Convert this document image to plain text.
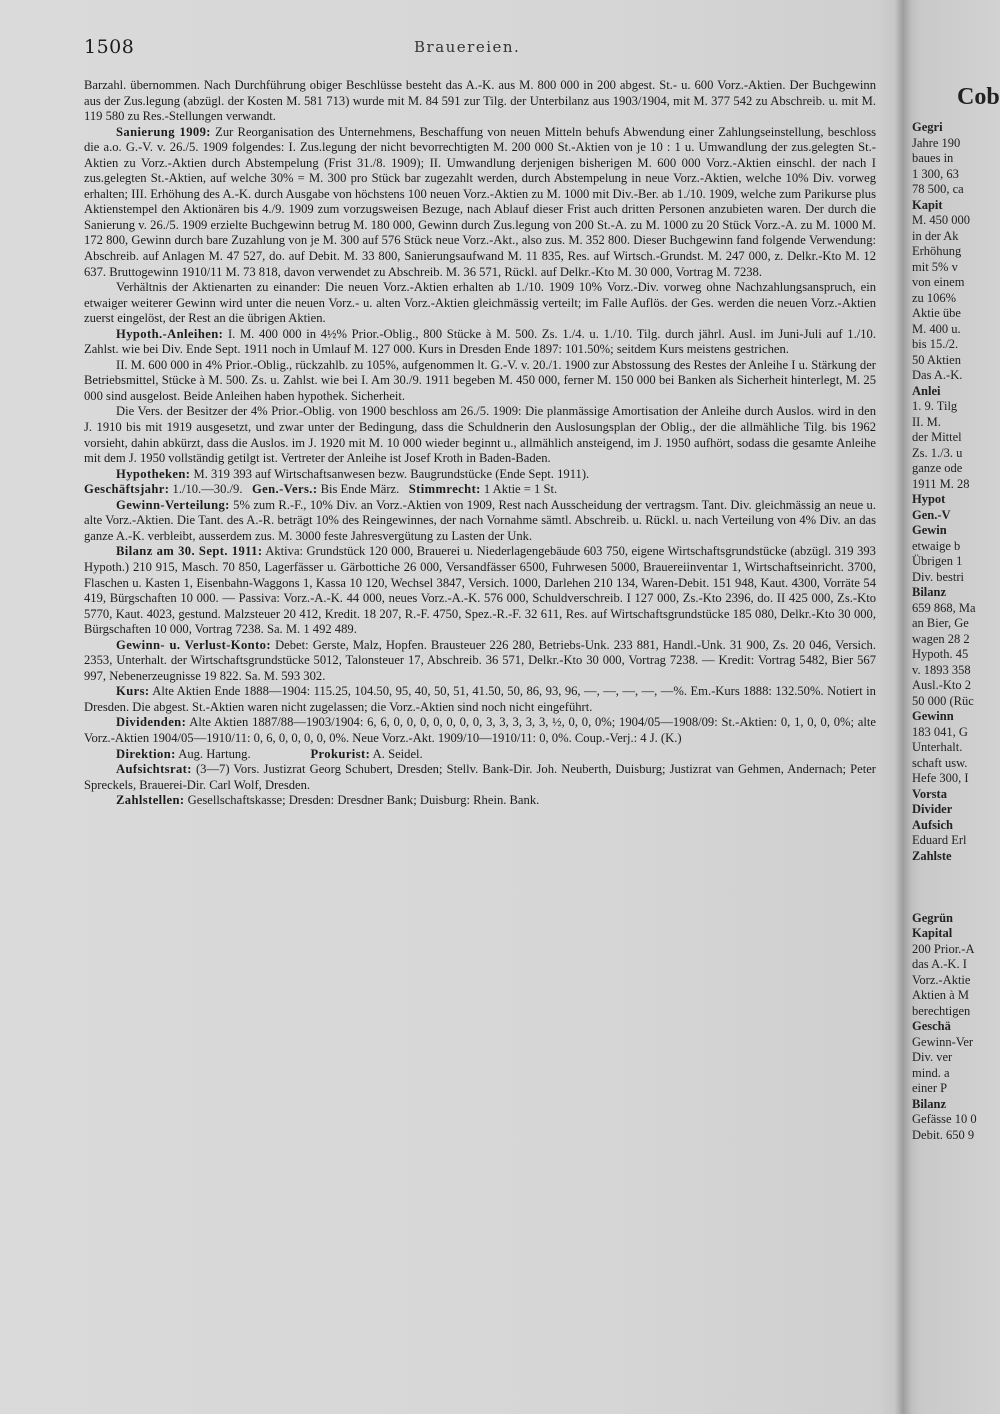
1508	Brauereien.

Barzahl. übernommen. Nach Durchführung obiger Beschlüsse besteht das A.-K. aus M. 800 000 in 200 abgest. St.- u. 600 Vorz.-Aktien. Der Buchgewinn aus der Zus.legung (abzügl. der Kosten M. 581 713) wurde mit M. 84 591 zur Tilg. der Unterbilanz aus 1903/1904, mit M. 377 542 zu Abschreib. u. mit M. 119 580 zu Res.-Stellungen verwandt.

Sanierung 1909: Zur Reorganisation des Unternehmens, Beschaffung von neuen Mitteln behufs Abwendung einer Zahlungseinstellung, beschloss die a.o. G.-V. v. 26./5. 1909 folgendes: I. Zus.legung der nicht bevorrechtigten M. 200 000 St.-Aktien von je 10 : 1 u. Umwandlung der zus.gelegten St.-Aktien zu Vorz.-Aktien durch Abstempelung (Frist 31./8. 1909); II. Umwandlung derjenigen bisherigen M. 600 000 Vorz.-Aktien einschl. der nach I zus.gelegten St.-Aktien, auf welche 30% = M. 300 pro Stück bar zugezahlt werden, durch Abstempelung in neue Vorz.-Aktien, welche 10% Div. vorweg erhalten; III. Erhöhung des A.-K. durch Ausgabe von höchstens 100 neuen Vorz.-Aktien zu M. 1000 mit Div.-Ber. ab 1./10. 1909, welche zum Parikurse plus Aktienstempel den Aktionären bis 4./9. 1909 zum vorzugsweisen Bezuge, nach Ablauf dieser Frist auch dritten Personen anzubieten waren. Der durch die Sanierung v. 26./5. 1909 erzielte Buchgewinn betrug M. 180 000, Gewinn durch Zus.legung von 200 St.-A. zu M. 1000 zu 20 Stück Vorz.-A. zu M. 1000 M. 172 800, Gewinn durch bare Zuzahlung von je M. 300 auf 576 Stück neue Vorz.-Akt., also zus. M. 352 800. Dieser Buchgewinn fand folgende Verwendung: Abschreib. auf Anlagen M. 47 527, do. auf Debit. M. 33 800, Sanierungsaufwand M. 11 835, Res. auf Wirtsch.-Grundst. M. 247 000, z. Delkr.-Kto M. 12 637. Bruttogewinn 1910/11 M. 73 818, davon verwendet zu Abschreib. M. 36 571, Rückl. auf Delkr.-Kto M. 30 000, Vortrag M. 7238.

Verhältnis der Aktienarten zu einander: Die neuen Vorz.-Aktien erhalten ab 1./10. 1909 10% Vorz.-Div. vorweg ohne Nachzahlungsanspruch, ein etwaiger weiterer Gewinn wird unter die neuen Vorz.- u. alten Vorz.-Aktien gleichmässig verteilt; im Falle Auflös. der Ges. werden die neuen Vorz.-Aktien zuerst eingelöst, der Rest an die übrigen Aktien.

Hypoth.-Anleihen: I. M. 400 000 in 4½% Prior.-Oblig., 800 Stücke à M. 500. Zs. 1./4. u. 1./10. Tilg. durch jährl. Ausl. im Juni-Juli auf 1./10. Zahlst. wie bei Div. Ende Sept. 1911 noch in Umlauf M. 127 000. Kurs in Dresden Ende 1897: 101.50%; seitdem Kurs meistens gestrichen.

II. M. 600 000 in 4% Prior.-Oblig., rückzahlb. zu 105%, aufgenommen lt. G.-V. v. 20./1. 1900 zur Abstossung des Restes der Anleihe I u. Stärkung der Betriebsmittel, Stücke à M. 500. Zs. u. Zahlst. wie bei I. Am 30./9. 1911 begeben M. 450 000, ferner M. 150 000 bei Banken als Sicherheit hinterlegt, M. 25 000 sind ausgelost. Beide Anleihen haben hypothek. Sicherheit.

Die Vers. der Besitzer der 4% Prior.-Oblig. von 1900 beschloss am 26./5. 1909: Die planmässige Amortisation der Anleihe durch Auslos. wird in den J. 1910 bis mit 1919 ausgesetzt, und zwar unter der Bedingung, dass die Schuldnerin den Auslosungsplan der Oblig., der die allmähliche Tilg. bis 1962 vorsieht, dahin abkürzt, dass die Auslos. im J. 1920 mit M. 10 000 wieder beginnt u., allmählich ansteigend, im J. 1950 aufhört, sodass die gesamte Anleihe mit dem J. 1950 vollständig getilgt ist. Vertreter der Anleihe ist Josef Kroth in Baden-Baden.

Hypotheken: M. 319 393 auf Wirtschaftsanwesen bezw. Baugrundstücke (Ende Sept. 1911).

Geschäftsjahr: 1./10.—30./9. Gen.-Vers.: Bis Ende März. Stimmrecht: 1 Aktie = 1 St.

Gewinn-Verteilung: 5% zum R.-F., 10% Div. an Vorz.-Aktien von 1909, Rest nach Ausscheidung der vertragsm. Tant. Div. gleichmässig an neue u. alte Vorz.-Aktien. Die Tant. des A.-R. beträgt 10% des Reingewinnes, der nach Vornahme sämtl. Abschreib. u. Rückl. u. nach Verteilung von 4% Div. an das ganze A.-K. verbleibt, ausserdem zus. M. 3000 feste Jahresvergütung zu Lasten der Unk.

Bilanz am 30. Sept. 1911: Aktiva: Grundstück 120 000, Brauerei u. Niederlagengebäude 603 750, eigene Wirtschaftsgrundstücke (abzügl. 319 393 Hypoth.) 210 915, Masch. 70 850, Lagerfässer u. Gärbottiche 26 000, Versandfässer 6500, Fuhrwesen 5000, Brauereiinventar 1, Wirtschaftseinricht. 3700, Flaschen u. Kasten 1, Eisenbahn-Waggons 1, Kassa 10 120, Wechsel 3847, Versich. 1000, Darlehen 210 134, Waren-Debit. 151 948, Kaut. 4300, Vorräte 54 419, Bürgschaften 10 000. — Passiva: Vorz.-A.-K. 44 000, neues Vorz.-A.-K. 576 000, Schuldverschreib. I 127 000, Zs.-Kto 2396, do. II 425 000, Zs.-Kto 5770, Kaut. 4023, gestund. Malzsteuer 20 412, Kredit. 18 207, R.-F. 4750, Spez.-R.-F. 32 611, Res. auf Wirtschaftsgrundstücke 185 080, Delkr.-Kto 30 000, Bürgschaften 10 000, Vortrag 7238. Sa. M. 1 492 489.

Gewinn- u. Verlust-Konto: Debet: Gerste, Malz, Hopfen. Brausteuer 226 280, Betriebs-Unk. 233 881, Handl.-Unk. 31 900, Zs. 20 046, Versich. 2353, Unterhalt. der Wirtschaftsgrundstücke 5012, Talonsteuer 17, Abschreib. 36 571, Delkr.-Kto 30 000, Vortrag 7238. — Kredit: Vortrag 5482, Bier 567 997, Nebenerzeugnisse 19 822. Sa. M. 593 302.

Kurs: Alte Aktien Ende 1888—1904: 115.25, 104.50, 95, 40, 50, 51, 41.50, 50, 86, 93, 96, —, —, —, —, —%. Em.-Kurs 1888: 132.50%. Notiert in Dresden. Die abgest. St.-Aktien waren nicht zugelassen; die Vorz.-Aktien sind noch nicht eingeführt.

Dividenden: Alte Aktien 1887/88—1903/1904: 6, 6, 0, 0, 0, 0, 0, 0, 0, 3, 3, 3, 3, 3, ½, 0, 0, 0%; 1904/05—1908/09: St.-Aktien: 0, 1, 0, 0, 0%; alte Vorz.-Aktien 1904/05—1910/11: 0, 6, 0, 0, 0, 0, 0%. Neue Vorz.-Akt. 1909/10—1910/11: 0, 0%. Coup.-Verj.: 4 J. (K.)

Direktion: Aug. Hartung.	Prokurist: A. Seidel.

Aufsichtsrat: (3—7) Vors. Justizrat Georg Schubert, Dresden; Stellv. Bank-Dir. Joh. Neuberth, Duisburg; Justizrat van Gehmen, Andernach; Peter Spreckels, Brauerei-Dir. Carl Wolf, Dresden.

Zahlstellen: Gesellschaftskasse; Dresden: Dresdner Bank; Duisburg: Rhein. Bank.

Cob
Gegri
Jahre 190
baues in
1 300, 63
78 500, ca
Kapit
M. 450 000
in der Ak
Erhöhung
mit 5% v
von einem
zu 106%
Aktie übe
M. 400 u.
bis 15./2.
50 Aktien
Das A.-K.
Anlei
1. 9. Tilg
II. M.
der Mittel
Zs. 1./3. u
ganze ode
1911 M. 28
Hypot
Gen.-V
Gewin
etwaige b
Übrigen 1
Div. bestri
Bilanz
659 868, Ma
an Bier, Ge
wagen 28 2
Hypoth. 45
v. 1893 358
Ausl.-Kto 2
50 000 (Rüc
Gewinn
183 041, G
Unterhalt.
schaft usw.
Hefe 300, I
Vorsta
Divider
Aufsich
Eduard Erl
Zahlste
Gegrün
Kapital
200 Prior.-A
das A.-K. I
Vorz.-Aktie
Aktien à M
berechtigen
Geschä
Gewinn-Ver
Div. ver
mind. a
einer P
Bilanz
Gefässe 10 0
Debit. 650 9
